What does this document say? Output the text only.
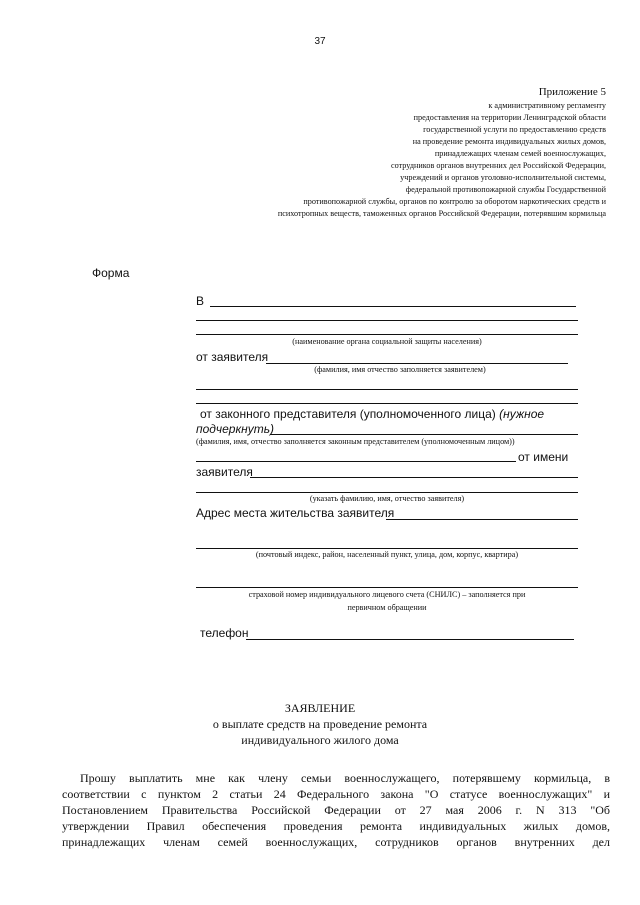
37
Приложение 5
к административному регламенту
предоставления на территории Ленинградской области
государственной услуги по предоставлению средств
на проведение ремонта индивидуальных жилых домов,
принадлежащих членам семей военнослужащих,
сотрудников органов внутренних дел Российской Федерации,
учреждений и органов уголовно-исполнительной системы,
федеральной противопожарной службы Государственной
противопожарной службы, органов по контролю за оборотом наркотических средств и
психотропных веществ, таможенных органов Российской Федерации, потерявшим кормильца
Форма
В
(наименование органа социальной защиты населения)
от заявителя
(фамилия, имя отчество заполняется заявителем)
от законного представителя (уполномоченного лица) (нужное
подчеркнуть)
(фамилия, имя, отчество заполняется законным представителем (уполномоченным лицом))
от имени
заявителя
(указать фамилию, имя, отчество заявителя)
Адрес места жительства заявителя
(почтовый индекс, район, населенный пункт, улица, дом, корпус, квартира)
страховой номер индивидуального лицевого счета (СНИЛС) – заполняется при
первичном обращении
телефон
ЗАЯВЛЕНИЕ
о выплате средств на проведение ремонта
индивидуального жилого дома
Прошу выплатить мне как члену семьи военнослужащего, потерявшему кормильца, в
соответствии с пунктом 2 статьи 24 Федерального закона "О статусе военнослужащих" и
Постановлением Правительства Российской Федерации от 27 мая 2006 г. N 313 "Об
утверждении Правил обеспечения проведения ремонта индивидуальных жилых домов,
принадлежащих членам семей военнослужащих, сотрудников органов внутренних дел
